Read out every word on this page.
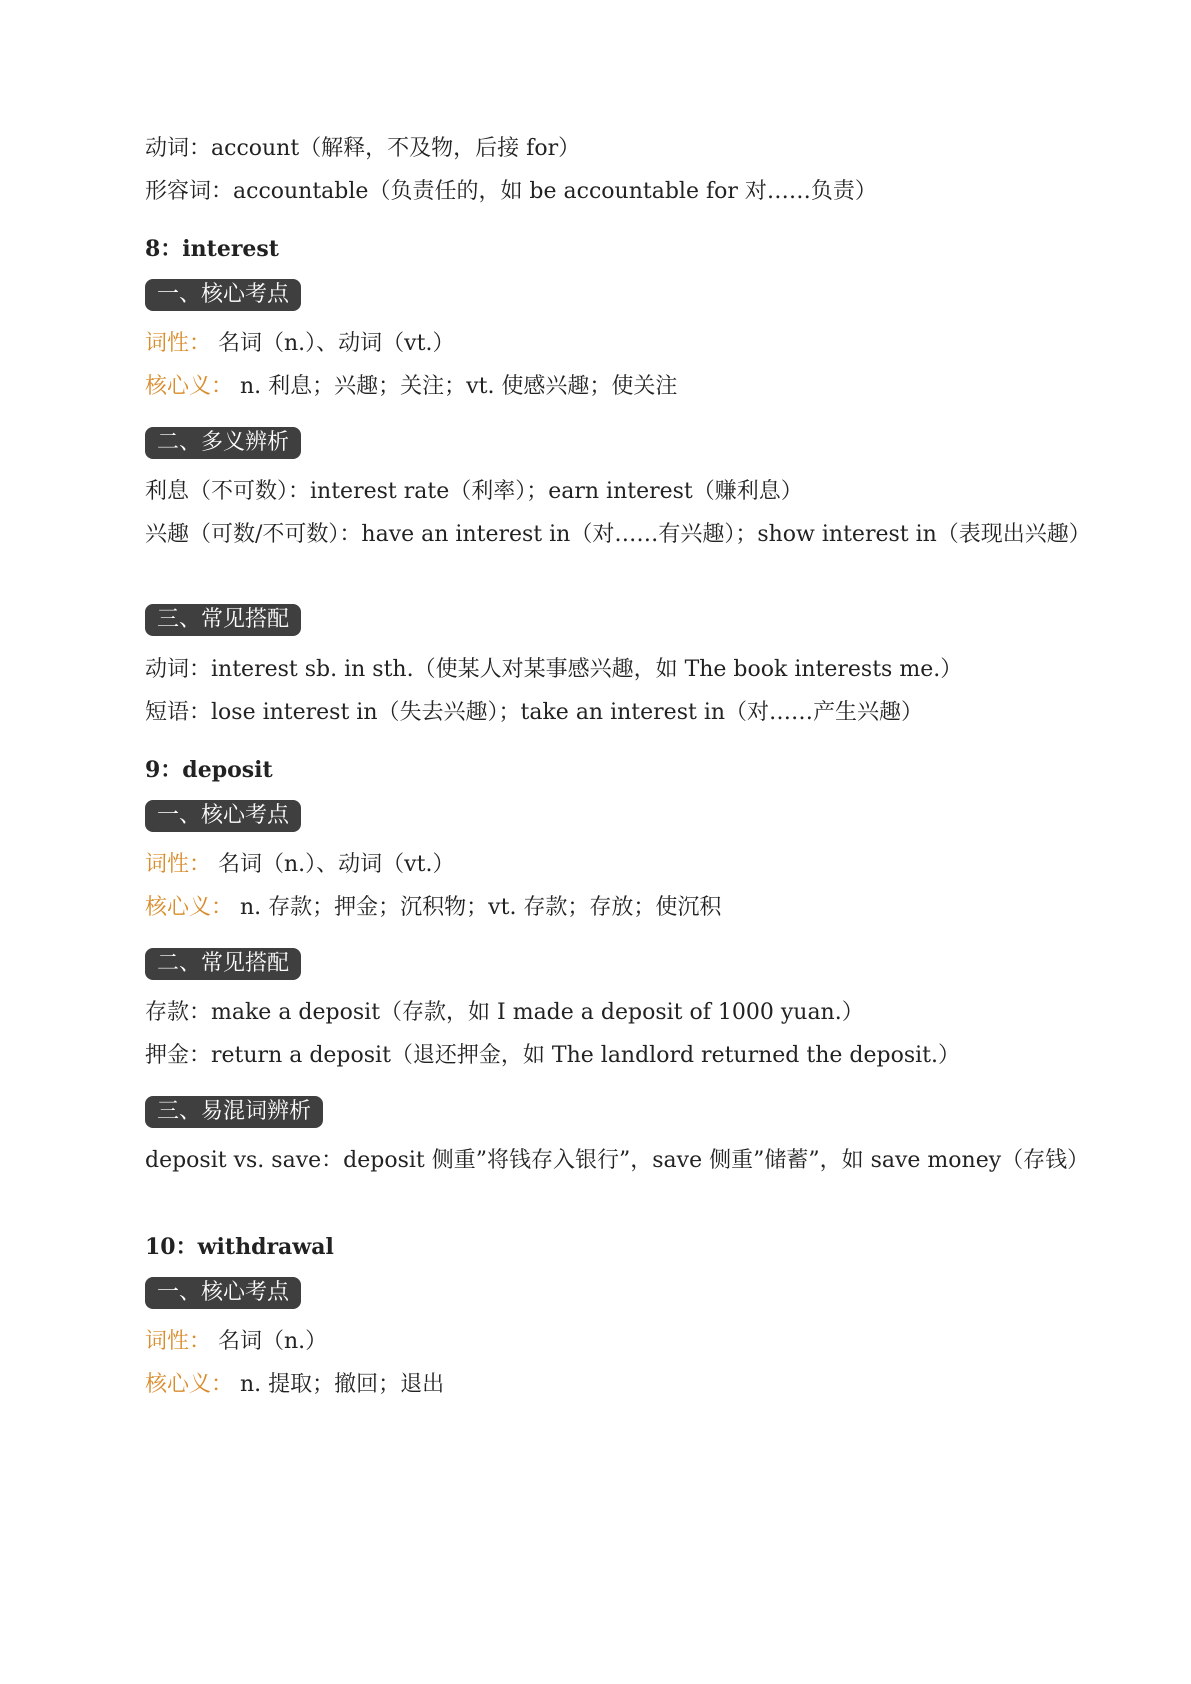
动词：account（解释，不及物，后接 for）
形容词：accountable（负责任的，如 be accountable for 对……负责）
8：interest
一、核心考点
词性： 名词（n.）、动词（vt.）
核心义： n. 利息；兴趣；关注；vt. 使感兴趣；使关注
二、多义辨析
利息（不可数）：interest rate（利率）；earn interest（赚利息）
兴趣（可数/不可数）：have an interest in（对……有兴趣）；show interest in（表现出兴趣）
三、常见搭配
动词：interest sb. in sth.（使某人对某事感兴趣，如 The book interests me.）
短语：lose interest in（失去兴趣）；take an interest in（对……产生兴趣）
9：deposit
一、核心考点
词性： 名词（n.）、动词（vt.）
核心义： n. 存款；押金；沉积物；vt. 存款；存放；使沉积
二、常见搭配
存款：make a deposit（存款，如 I made a deposit of 1000 yuan.）
押金：return a deposit（退还押金，如 The landlord returned the deposit.）
三、易混词辨析
deposit vs. save：deposit 侧重”将钱存入银行”，save 侧重”储蓄”，如 save money（存钱）
10：withdrawal
一、核心考点
词性： 名词（n.）
核心义： n. 提取；撤回；退出
